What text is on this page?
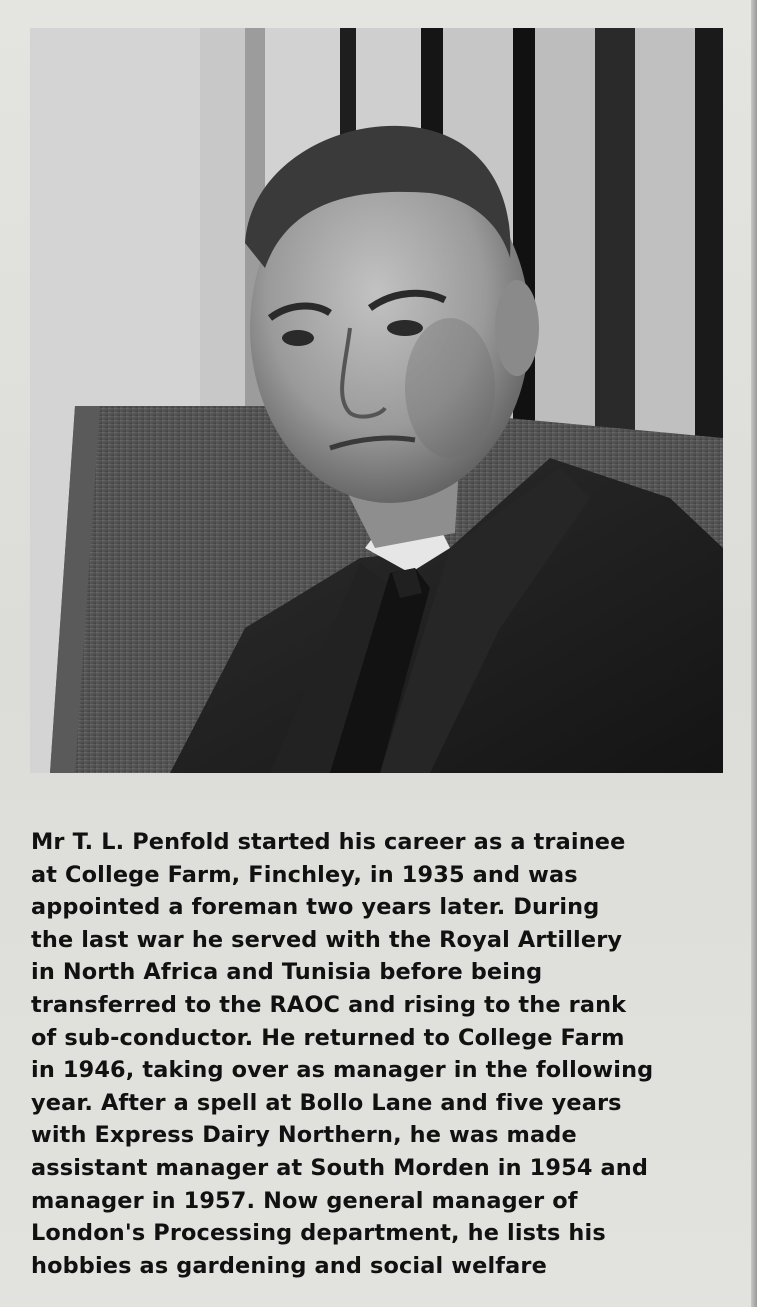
Mr T. L. Penfold started his career as a trainee
at College Farm, Finchley, in 1935 and was
appointed a foreman two years later. During
the last war he served with the Royal Artillery
in North Africa and Tunisia before being
transferred to the RAOC and rising to the rank
of sub-conductor. He returned to College Farm
in 1946, taking over as manager in the following
year. After a spell at Bollo Lane and five years
with Express Dairy Northern, he was made
assistant manager at South Morden in 1954 and
manager in 1957. Now general manager of
London's Processing department, he lists his
hobbies as gardening and social welfare
